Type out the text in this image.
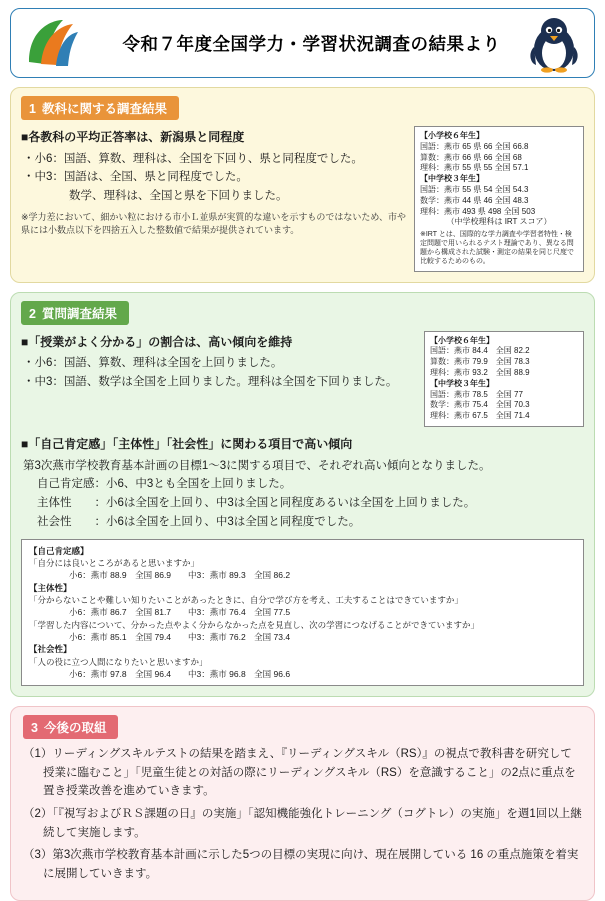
令和７年度全国学力・学習状況調査の結果より
1 教科に関する調査結果
■各教科の平均正答率は、新潟県と同程度
・小6：国語、算数、理科は、全国を下回り、県と同程度でした。
・中3：国語は、全国、県と同程度でした。
　　　　数学、理科は、全国と県を下回りました。
※学力差において、細かい粒における市小Ｌ並県が実質的な違いを示すものではないため、市や県には小数点以下を四捨五入した整数値で結果が提供されています。
【小学校６年生】
国語：燕市 65 県 66 全国 66.8
算数：燕市 66 県 66 全国 68
理科：燕市 55 県 55 全国 57.1
【中学校３年生】
国語：燕市 55 県 54 全国 54.3
数学：燕市 44 県 46 全国 48.3
理科：燕市 493 県 498 全国 503
（中学校理科は IRT スコア）
※IRT とは、国際的な学力調査や学習者特性・検定問題で用いられるテスト理論であり、異なる問題から構成された試験・測定の結果を同じ尺度で比較するためのもの。
2 質問調査結果
■「授業がよく分かる」の割合は、高い傾向を維持
・小6：国語、算数、理科は全国を上回りました。
・中3：国語、数学は全国を上回りました。理科は全国を下回りました。
【小学校６年生】
国語：燕市 84.4　全国 82.2
算数：燕市 79.9　全国 78.3
理科：燕市 93.2　全国 88.9
【中学校３年生】
国語：燕市 78.5　全国 77
数学：燕市 75.4　全国 70.3
理科：燕市 67.5　全国 71.4
■「自己肯定感」「主体性」「社会性」に関わる項目で高い傾向
第3次燕市学校教育基本計画の目標1～3に関する項目で、それぞれ高い傾向となりました。
自己肯定感：小6、中3とも全国を上回りました。
主体性　　：小6は全国を上回り、中3は全国と同程度あるいは全国を上回りました。
社会性　　：小6は全国を上回り、中3は全国と同程度でした。
【自己肯定感】
「自分には良いところがあると思いますか」
小6：燕市 88.9　全国 86.9　　中3：燕市 89.3　全国 86.2
【主体性】
「分からないことや難しい知りたいことがあったときに、自分で学び方を考え、工夫することはできていますか」
小6：燕市 86.7　全国 81.7　　中3：燕市 76.4　全国 77.5
「学習した内容について、分かった点やよく分からなかった点を見直し、次の学習につなげることができていますか」
小6：燕市 85.1　全国 79.4　　中3：燕市 76.2　全国 73.4
【社会性】
「人の役に立つ人間になりたいと思いますか」
小6：燕市 97.8　全国 96.4　　中3：燕市 96.8　全国 96.6
3 今後の取組
（1）リーディングスキルテストの結果を踏まえ、『リーディングスキル（RS）』の視点で教科書を研究して授業に臨むこと」「児童生徒との対話の際にリーディングスキル（RS）を意識すること」の2点に重点を置き授業改善を進めていきます。
（2）「『視写およびＲＳ課題の日』の実施」「認知機能強化トレーニング（コグトレ）の実施」を週1回以上継続して実施します。
（3）第3次燕市学校教育基本計画に示した5つの目標の実現に向け、現在展開している 16 の重点施策を着実に展開していきます。
